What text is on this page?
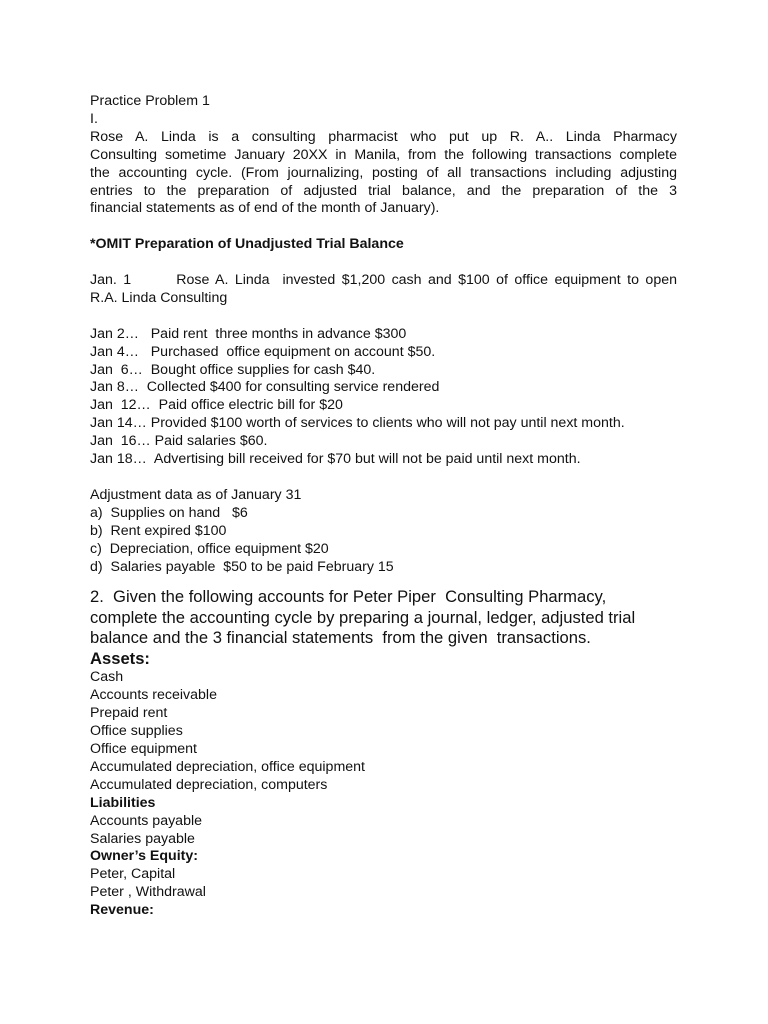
Practice Problem 1
I.
Rose A. Linda is a consulting pharmacist who put up R. A.. Linda Pharmacy
Consulting sometime January 20XX in Manila, from the following transactions complete
the accounting cycle. (From journalizing, posting of all transactions including adjusting
entries to the preparation of adjusted trial balance, and the preparation of the 3
financial statements as of end of the month of January).
*OMIT Preparation of Unadjusted Trial Balance
Jan. 1       Rose A. Linda  invested $1,200 cash and $100 of office equipment to open
R.A. Linda Consulting
Jan 2…   Paid rent  three months in advance $300
Jan 4…   Purchased  office equipment on account $50.
Jan  6…  Bought office supplies for cash $40.
Jan 8…  Collected $400 for consulting service rendered
Jan  12…  Paid office electric bill for $20
Jan 14… Provided $100 worth of services to clients who will not pay until next month.
Jan  16… Paid salaries $60.
Jan 18…  Advertising bill received for $70 but will not be paid until next month.
Adjustment data as of January 31
a)  Supplies on hand   $6
b)  Rent expired $100
c)  Depreciation, office equipment $20
d)  Salaries payable  $50 to be paid February 15
2.  Given the following accounts for Peter Piper  Consulting Pharmacy,
complete the accounting cycle by preparing a journal, ledger, adjusted trial
balance and the 3 financial statements  from the given  transactions.
Assets:
Cash
Accounts receivable
Prepaid rent
Office supplies
Office equipment
Accumulated depreciation, office equipment
Accumulated depreciation, computers
Liabilities
Accounts payable
Salaries payable
Owner’s Equity:
Peter, Capital
Peter , Withdrawal
Revenue:
